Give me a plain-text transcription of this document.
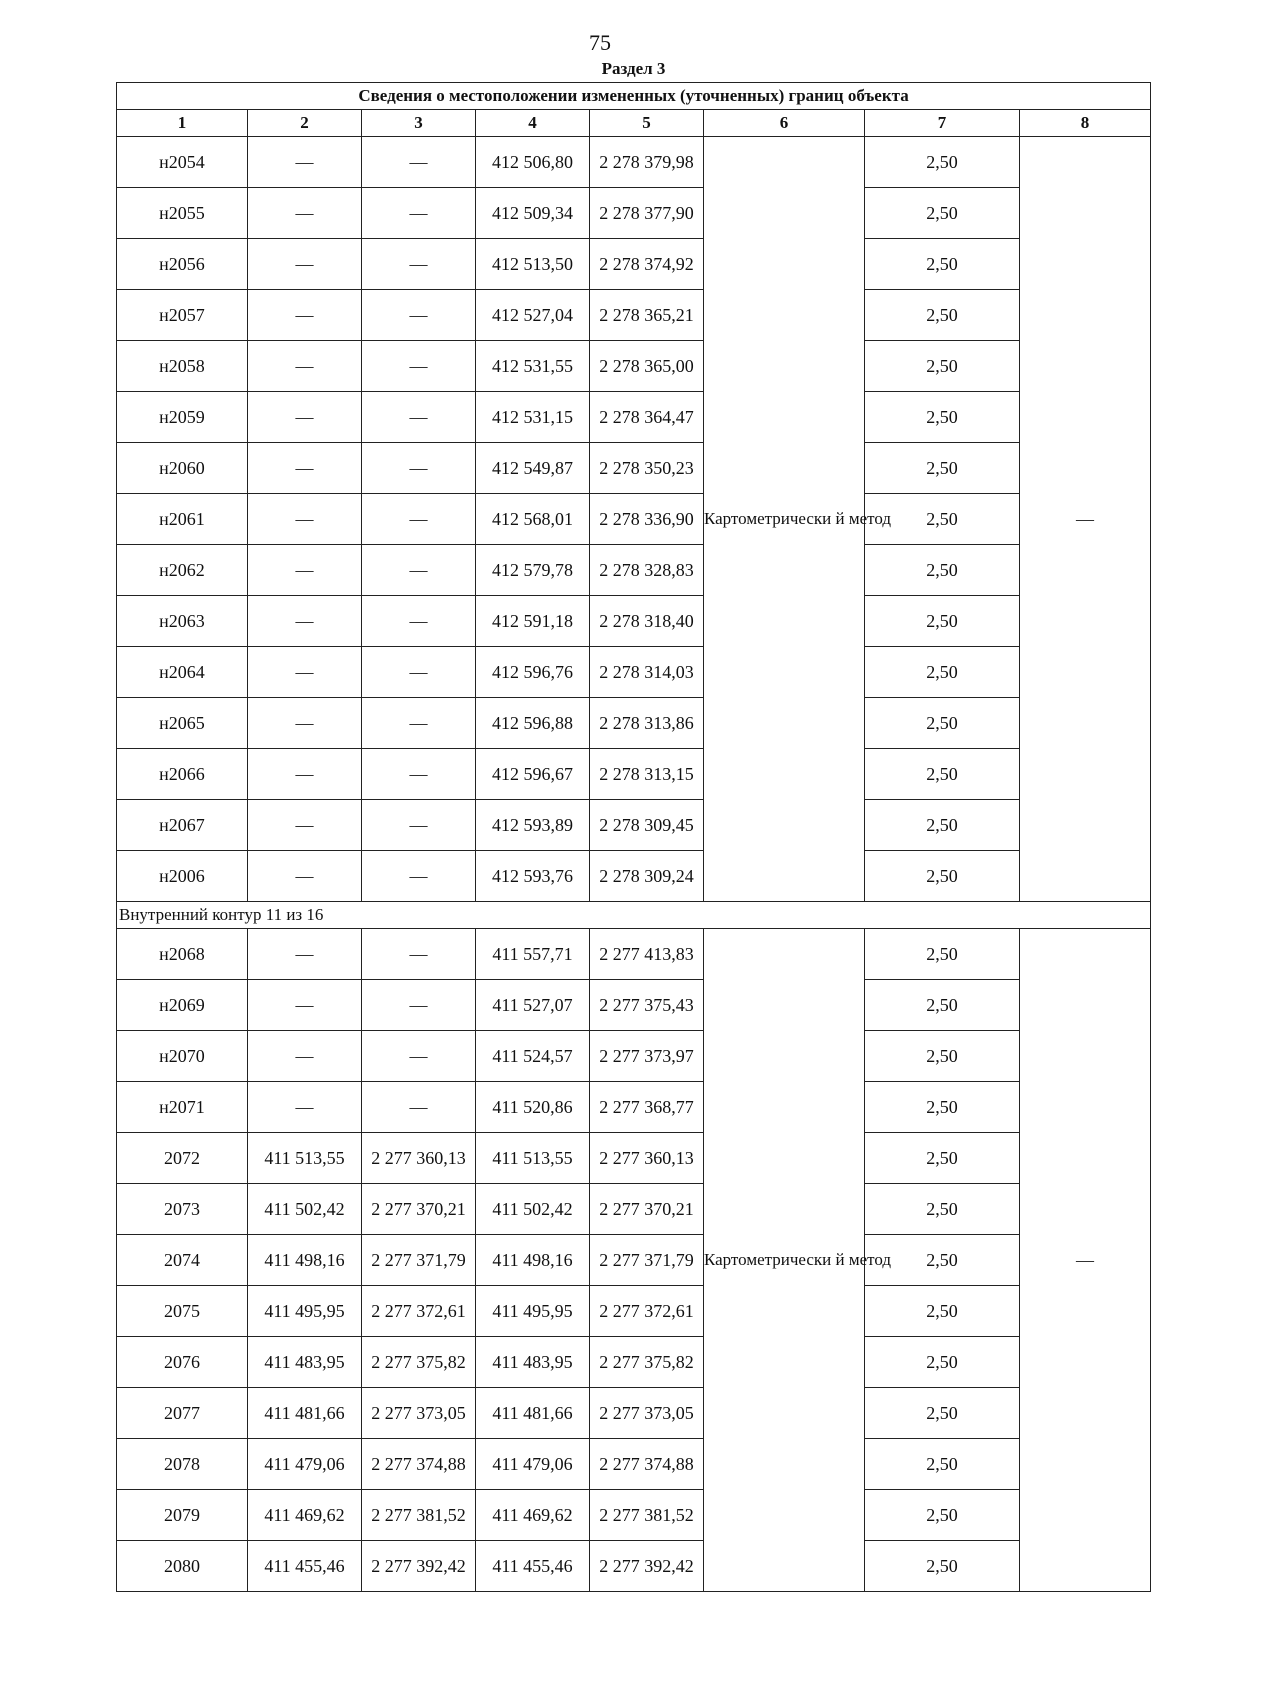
75
Раздел 3
Сведения о местоположении измененных (уточненных) границ объекта							
1	2	3	4	5	6	7	8
н2054	—	—	412 506,80	2 278 379,98	Картометрически й метод	2,50	—
н2055	—	—	412 509,34	2 278 377,90		2,50	
н2056	—	—	412 513,50	2 278 374,92		2,50	
н2057	—	—	412 527,04	2 278 365,21		2,50	
н2058	—	—	412 531,55	2 278 365,00		2,50	
н2059	—	—	412 531,15	2 278 364,47		2,50	
н2060	—	—	412 549,87	2 278 350,23		2,50	
н2061	—	—	412 568,01	2 278 336,90		2,50	
н2062	—	—	412 579,78	2 278 328,83		2,50	
н2063	—	—	412 591,18	2 278 318,40		2,50	
н2064	—	—	412 596,76	2 278 314,03		2,50	
н2065	—	—	412 596,88	2 278 313,86		2,50	
н2066	—	—	412 596,67	2 278 313,15		2,50	
н2067	—	—	412 593,89	2 278 309,45		2,50	
н2006	—	—	412 593,76	2 278 309,24		2,50	
Внутренний контур 11 из 16							
н2068	—	—	411 557,71	2 277 413,83	Картометрически й метод	2,50	—
н2069	—	—	411 527,07	2 277 375,43		2,50	
н2070	—	—	411 524,57	2 277 373,97		2,50	
н2071	—	—	411 520,86	2 277 368,77		2,50	
2072	411 513,55	2 277 360,13	411 513,55	2 277 360,13		2,50	
2073	411 502,42	2 277 370,21	411 502,42	2 277 370,21		2,50	
2074	411 498,16	2 277 371,79	411 498,16	2 277 371,79		2,50	
2075	411 495,95	2 277 372,61	411 495,95	2 277 372,61		2,50	
2076	411 483,95	2 277 375,82	411 483,95	2 277 375,82		2,50	
2077	411 481,66	2 277 373,05	411 481,66	2 277 373,05		2,50	
2078	411 479,06	2 277 374,88	411 479,06	2 277 374,88		2,50	
2079	411 469,62	2 277 381,52	411 469,62	2 277 381,52		2,50	
2080	411 455,46	2 277 392,42	411 455,46	2 277 392,42		2,50	
